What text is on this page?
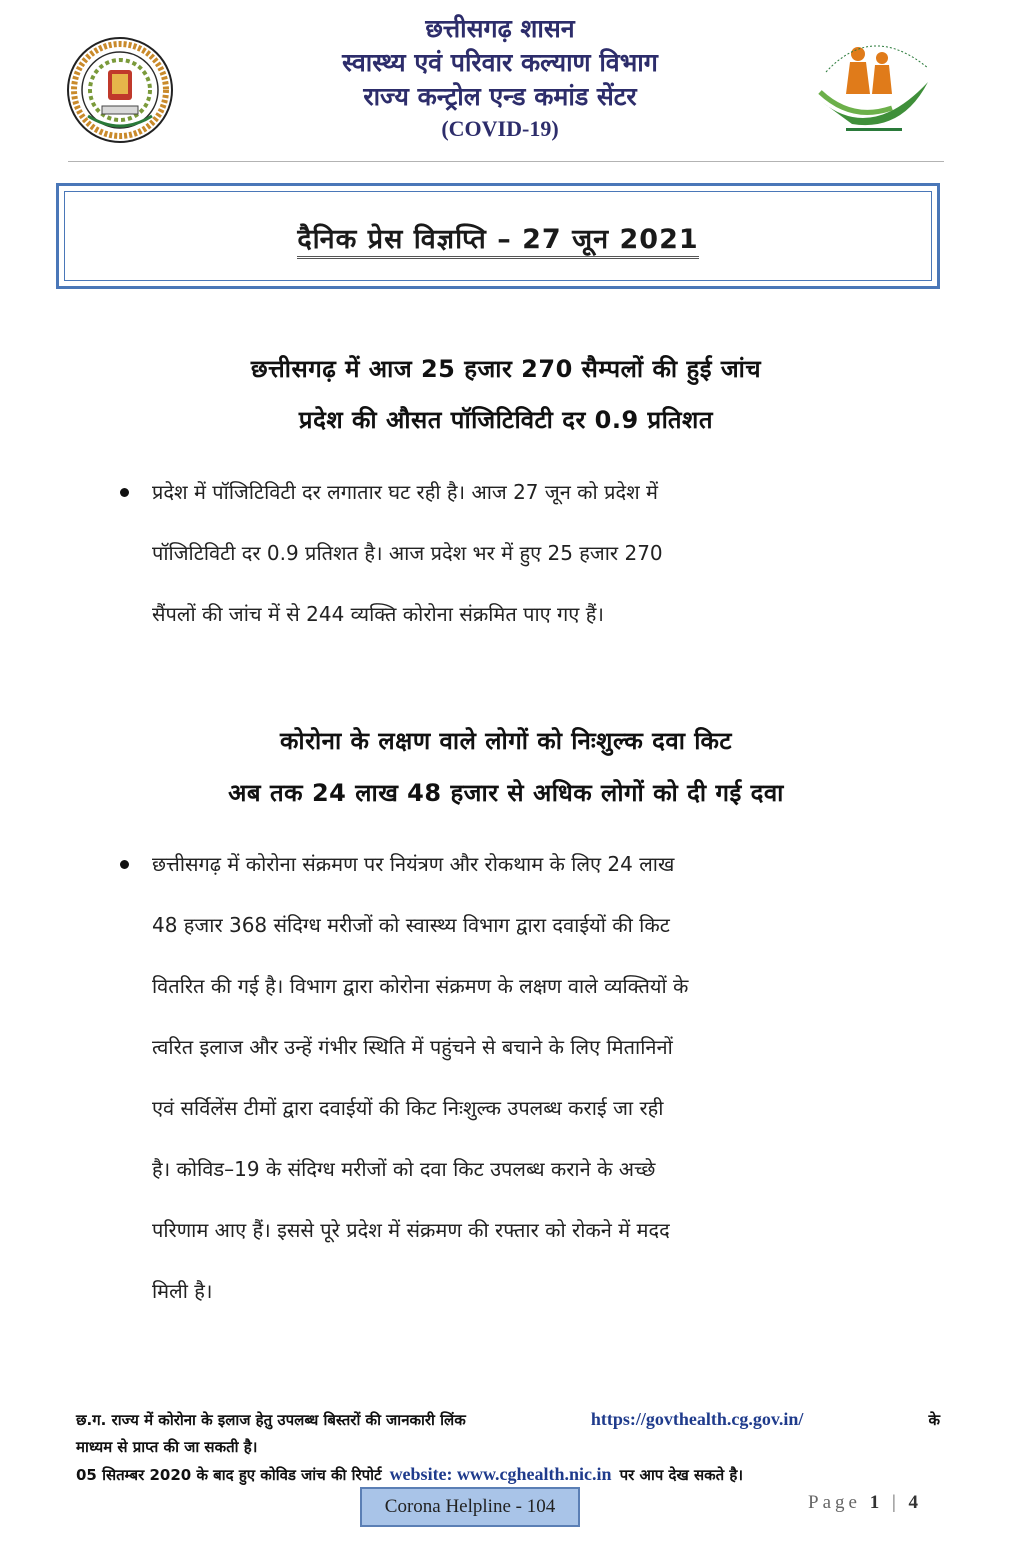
छत्तीसगढ़ शासन
स्वास्थ्य एवं परिवार कल्याण विभाग
राज्य कन्ट्रोल एन्ड कमांड सेंटर
(COVID-19)
दैनिक प्रेस विज्ञप्ति – 27 जून 2021
छत्तीसगढ़ में आज 25 हजार 270 सैम्पलों की हुई जांच
प्रदेश की औसत पॉजिटिविटी दर 0.9 प्रतिशत

प्रदेश में पॉजिटिविटी दर लगातार घट रही है। आज 27 जून को प्रदेश में

पॉजिटिविटी दर 0.9 प्रतिशत है। आज प्रदेश भर में हुए 25 हजार 270

सैंपलों की जांच में से 244 व्यक्ति कोरोना संक्रमित पाए गए हैं।

कोरोना के लक्षण वाले लोगों को निःशुल्क दवा किट
अब तक 24 लाख 48 हजार से अधिक लोगों को दी गई दवा

छत्तीसगढ़ में कोरोना संक्रमण पर नियंत्रण और रोकथाम के लिए 24 लाख

48 हजार 368 संदिग्ध मरीजों को स्वास्थ्य विभाग द्वारा दवाईयों की किट

वितरित की गई है। विभाग द्वारा कोरोना संक्रमण के लक्षण वाले व्यक्तियों के

त्वरित इलाज और उन्हें गंभीर स्थिति में पहुंचने से बचाने के लिए मितानिनों

एवं सर्विलेंस टीमों द्वारा दवाईयों की किट निःशुल्क उपलब्ध कराई जा रही

है। कोविड–19 के संदिग्ध मरीजों को दवा किट उपलब्ध कराने के अच्छे

परिणाम आए हैं। इससे पूरे प्रदेश में संक्रमण की रफ्तार को रोकने में मदद

मिली है।

छ.ग. राज्य में कोरोना के इलाज हेतु उपलब्ध बिस्तरों की जानकारी लिंक	https://govthealth.cg.gov.in/	के
माध्यम से प्राप्त की जा सकती है।
05 सितम्बर 2020 के बाद हुए कोविड जांच की रिपोर्ट website: www.cghealth.nic.in पर आप देख सकते है।
Corona Helpline - 104	Page 1 | 4
